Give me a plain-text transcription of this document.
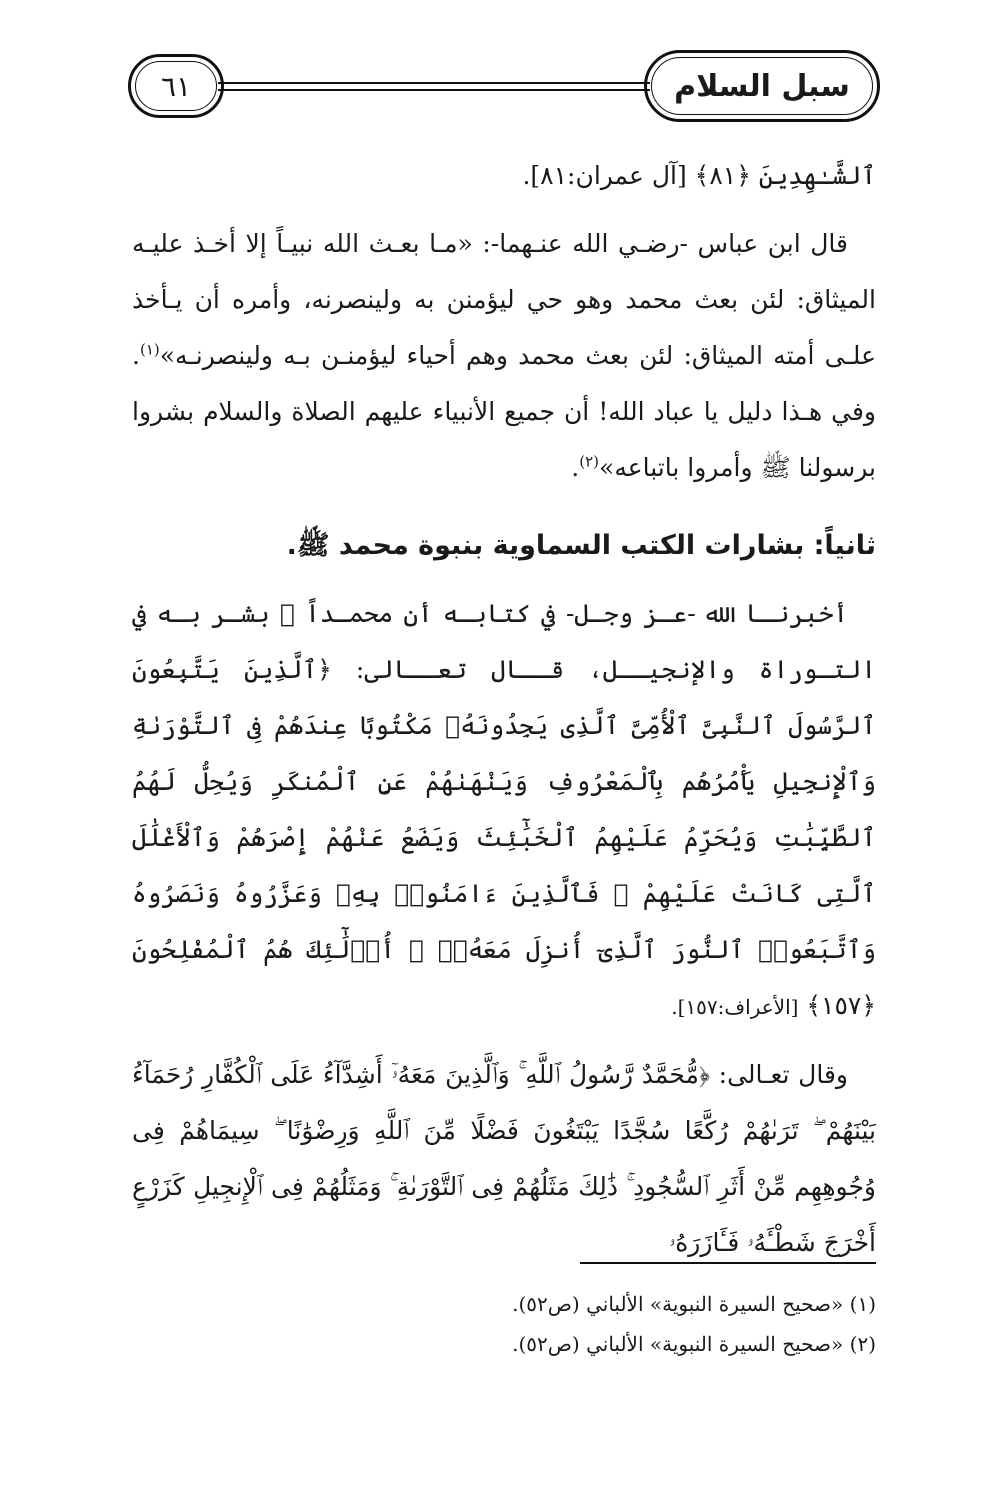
سبل السلام
٦١

ٱلشَّـٰهِدِينَ ﴿٨١﴾ [آل عمران:٨١].

قال ابن عباس -رضـي الله عنـهما-: «مـا بعـث الله نبيـاً إلا أخـذ عليـه الميثاق: لئن بعث محمد وهو حي ليؤمنن به ولينصرنه، وأمره أن يـأخذ علـى أمته الميثاق: لئن بعث محمد وهم أحياء ليؤمنـن بـه ولينصرنـه»$^{(١)}$. وفي هـذا دليل يا عباد الله! أن جميع الأنبياء عليهم الصلاة والسلام بشروا برسولنا ﷺ وأمروا باتباعه»$^{(٢)}$.

ثانياً: بشارات الكتب السماوية بنبوة محمد ﷺ.

أخبرنـا الله -عـز وجـل- في كتابـه أن محمـداً ﷺ بشـر بـه في التـوراة والإنجيــل، قــال تعــالى: ﴿ٱلَّذِينَ يَتَّبِعُونَ ٱلرَّسُولَ ٱلنَّبِىَّ ٱلْأُمِّىَّ ٱلَّذِى يَجِدُونَهُۥ مَكْتُوبًا عِندَهُمْ فِى ٱلتَّوْرَىٰةِ وَٱلْإِنجِيلِ يَأْمُرُهُم بِٱلْمَعْرُوفِ وَيَنْهَىٰهُمْ عَنِ ٱلْمُنكَرِ وَيُحِلُّ لَهُمُ ٱلطَّيِّبَٰتِ وَيُحَرِّمُ عَلَيْهِمُ ٱلْخَبَٰٓئِثَ وَيَضَعُ عَنْهُمْ إِصْرَهُمْ وَٱلْأَغْلَٰلَ ٱلَّتِى كَانَتْ عَلَيْهِمْ ۚ فَٱلَّذِينَ ءَامَنُوا۟ بِهِۦ وَعَزَّرُوهُ وَنَصَرُوهُ وَٱتَّبَعُوا۟ ٱلنُّورَ ٱلَّذِىٓ أُنزِلَ مَعَهُۥٓ ۙ أُو۟لَٰٓئِكَ هُمُ ٱلْمُفْلِحُونَ ﴿١٥٧﴾ [الأعراف:١٥٧].

وقال تعـالى: ﴿مُّحَمَّدٌ رَّسُولُ ٱللَّهِ ۚ وَٱلَّذِينَ مَعَهُۥٓ أَشِدَّآءُ عَلَى ٱلْكُفَّارِ رُحَمَآءُ بَيْنَهُمْ ۖ تَرَىٰهُمْ رُكَّعًا سُجَّدًا يَبْتَغُونَ فَضْلًا مِّنَ ٱللَّهِ وَرِضْوَٰنًا ۖ سِيمَاهُمْ فِى وُجُوهِهِم مِّنْ أَثَرِ ٱلسُّجُودِ ۚ ذَٰلِكَ مَثَلُهُمْ فِى ٱلتَّوْرَىٰةِ ۚ وَمَثَلُهُمْ فِى ٱلْإِنجِيلِ كَزَرْعٍ أَخْرَجَ شَطْـَٔهُۥ فَـَٔازَرَهُۥ

(١) «صحيح السيرة النبوية» الألباني (ص٥٢).

(٢) «صحيح السيرة النبوية» الألباني (ص٥٢).
